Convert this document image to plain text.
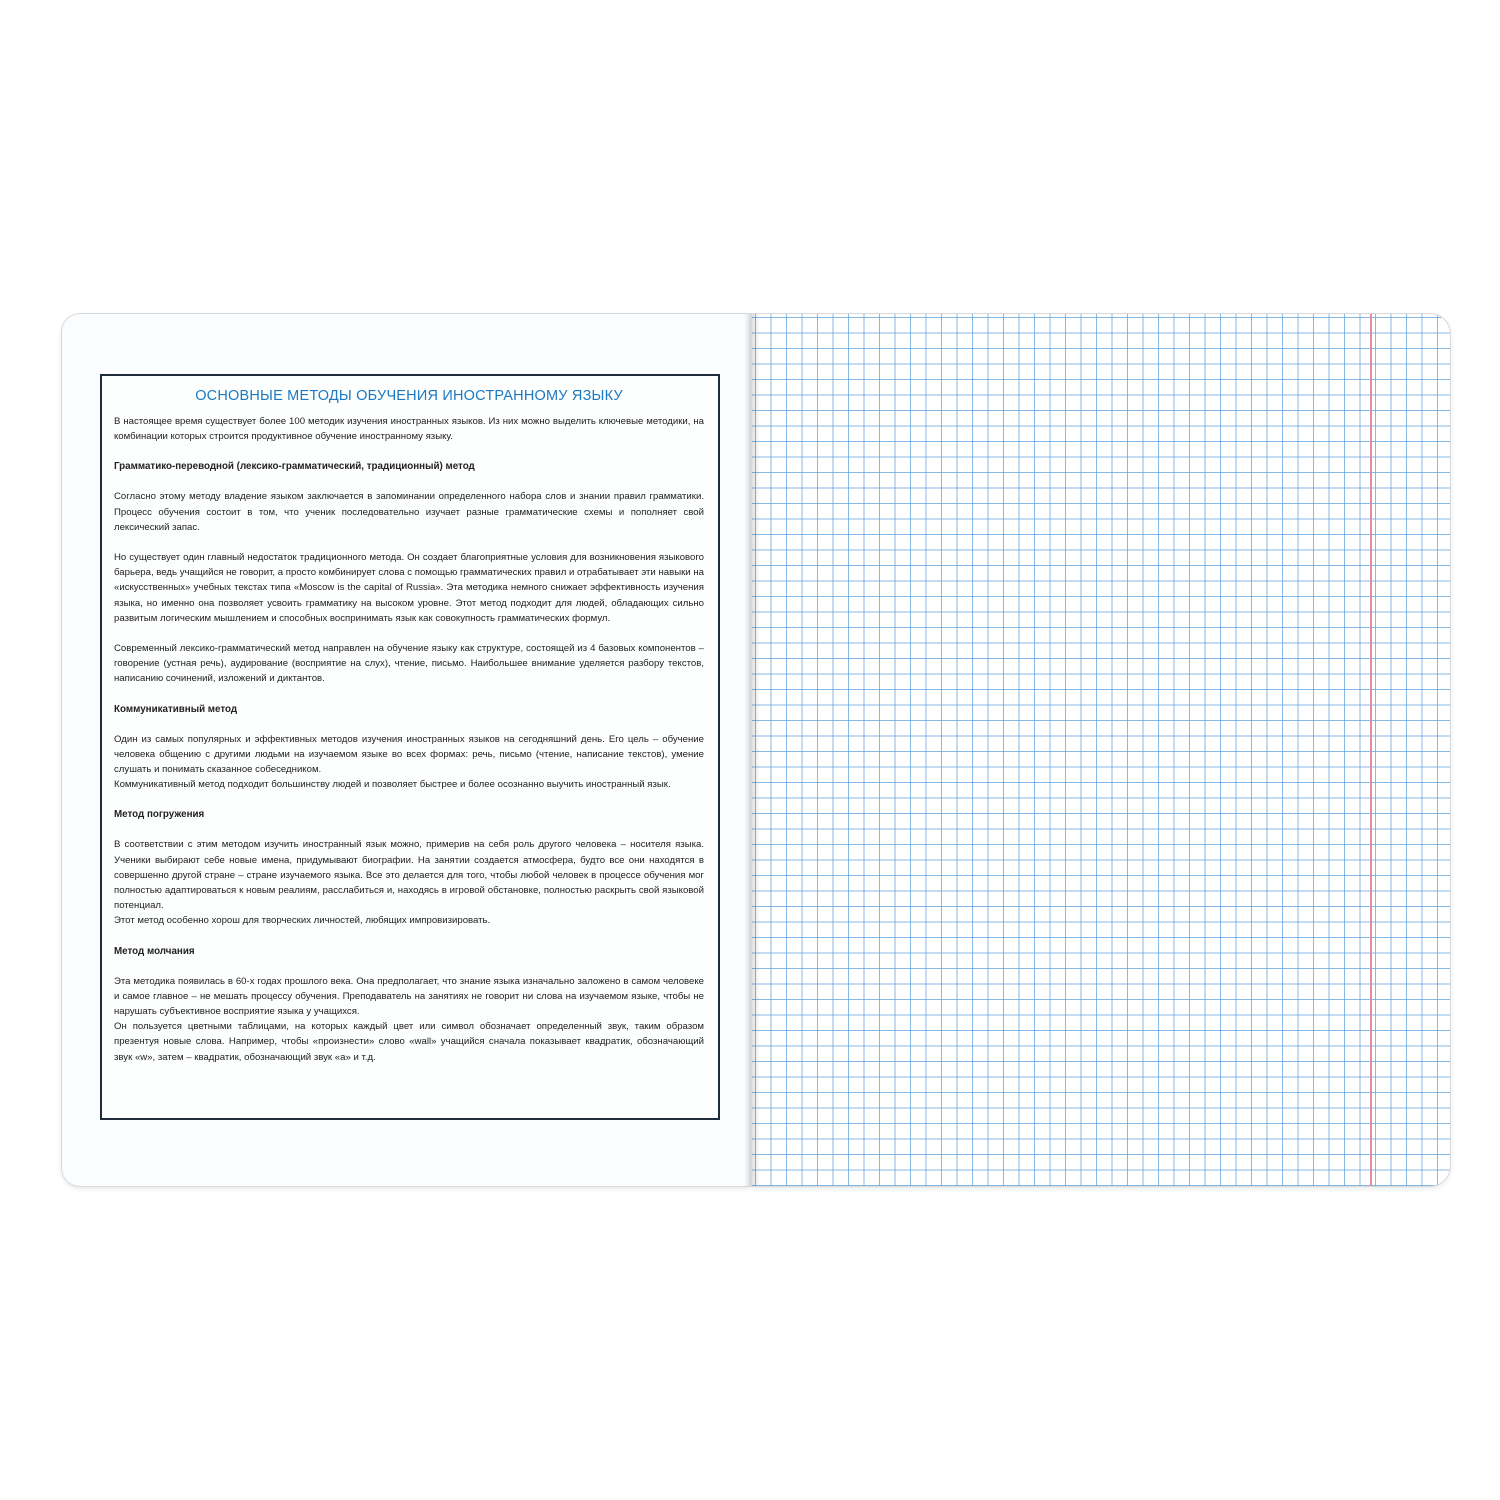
ОСНОВНЫЕ МЕТОДЫ ОБУЧЕНИЯ ИНОСТРАННОМУ ЯЗЫКУ

В настоящее время существует более 100 методик изучения иностранных языков. Из них можно выделить ключевые методики, на комбинации которых строится продуктивное обучение иностранному языку.

Грамматико-переводной (лексико-грамматический, традиционный) метод

Согласно этому методу владение языком заключается в запоминании определенного набора слов и знании правил грамматики. Процесс обучения состоит в том, что ученик последовательно изучает разные грамматические схемы и пополняет свой лексический запас.

Но существует один главный недостаток традиционного метода. Он создает благоприятные условия для возникновения языкового барьера, ведь учащийся не говорит, а просто комбинирует слова с помощью грамматических правил и отрабатывает эти навыки на «искусственных» учебных текстах типа «Moscow is the capital of Russia». Эта методика немного снижает эффективность изучения языка, но именно она позволяет усвоить грамматику на высоком уровне. Этот метод подходит для людей, обладающих сильно развитым логическим мышлением и способных воспринимать язык как совокупность грамматических формул.

Современный лексико-грамматический метод направлен на обучение языку как структуре, состоящей из 4 базовых компонентов – говорение (устная речь), аудирование (восприятие на слух), чтение, письмо. Наибольшее внимание уделяется разбору текстов, написанию сочинений, изложений и диктантов.

Коммуникативный метод

Один из самых популярных и эффективных методов изучения иностранных языков на сегодняшний день. Его цель – обучение человека общению с другими людьми на изучаемом языке во всех формах: речь, письмо (чтение, написание текстов), умение слушать и понимать сказанное собеседником.
Коммуникативный метод подходит большинству людей и позволяет быстрее и более осознанно выучить иностранный язык.

Метод погружения

В соответствии с этим методом изучить иностранный язык можно, примерив на себя роль другого человека – носителя языка. Ученики выбирают себе новые имена, придумывают биографии. На занятии создается атмосфера, будто все они находятся в совершенно другой стране – стране изучаемого языка. Все это делается для того, чтобы любой человек в процессе обучения мог полностью адаптироваться к новым реалиям, расслабиться и, находясь в игровой обстановке, полностью раскрыть свой языковой потенциал.
Этот метод особенно хорош для творческих личностей, любящих импровизировать.

Метод молчания

Эта методика появилась в 60-х годах прошлого века. Она предполагает, что знание языка изначально заложено в самом человеке и самое главное – не мешать процессу обучения. Преподаватель на занятиях не говорит ни слова на изучаемом языке, чтобы не нарушать субъективное восприятие языка у учащихся.
Он пользуется цветными таблицами, на которых каждый цвет или символ обозначает определенный звук, таким образом презентуя новые слова. Например, чтобы «произнести» слово «wall» учащийся сначала показывает квадратик, обозначающий звук «w», затем – квадратик, обозначающий звук «а» и т.д.
